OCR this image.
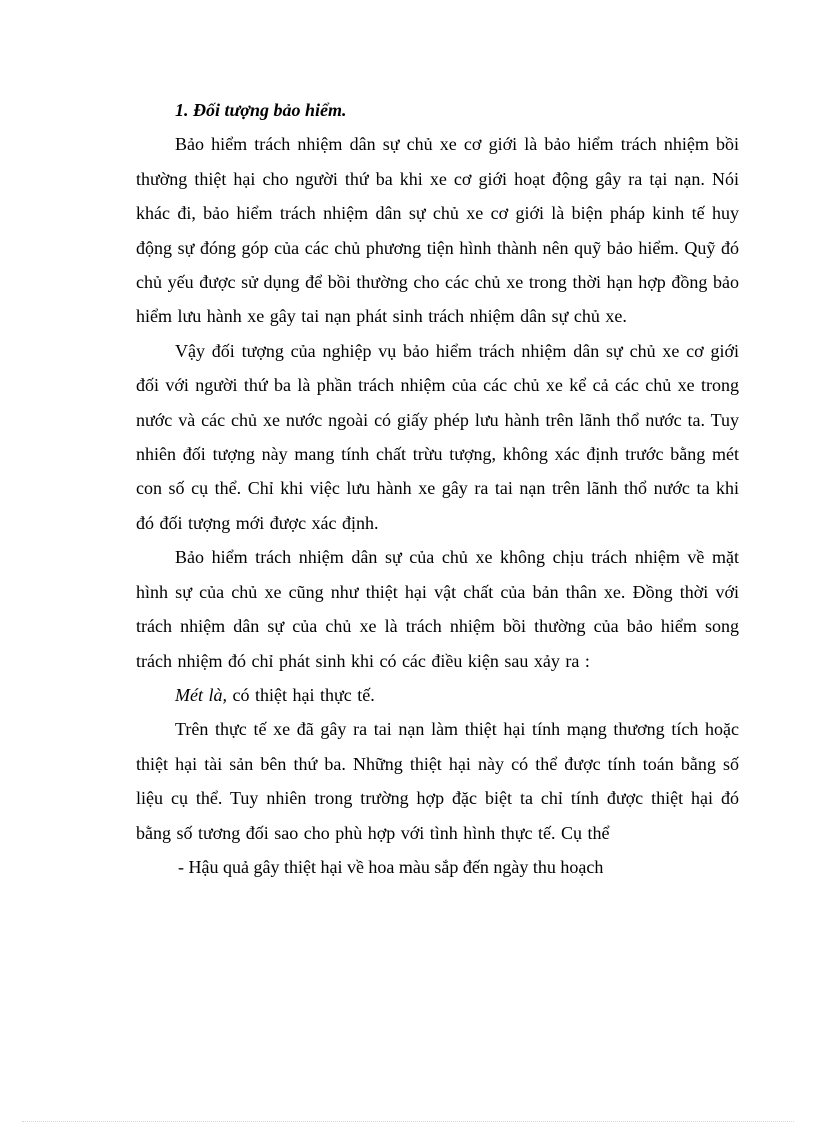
1. Đối tượng bảo hiểm.

Bảo hiểm trách nhiệm dân sự chủ xe cơ giới là bảo hiểm trách nhiệm bồi thường thiệt hại cho người thứ ba khi xe cơ giới hoạt động gây ra tại nạn. Nói khác đi, bảo hiểm trách nhiệm dân sự chủ xe cơ giới là biện pháp kinh tế huy động sự đóng góp của các chủ phương tiện hình thành nên quỹ bảo hiểm. Quỹ đó chủ yếu được sử dụng để bồi thường cho các chủ xe trong thời hạn hợp đồng bảo hiểm lưu hành xe gây tai nạn phát sinh trách nhiệm dân sự chủ xe.

Vậy đối tượng của nghiệp vụ bảo hiểm trách nhiệm dân sự chủ xe cơ giới đối với người thứ ba là phần trách nhiệm của các chủ xe kể cả các chủ xe trong nước và các chủ xe nước ngoài có giấy phép lưu hành trên lãnh thổ nước ta. Tuy nhiên đối tượng này mang tính chất trừu tượng, không xác định trước bằng mét con số cụ thể. Chỉ khi việc lưu hành xe gây ra tai nạn trên lãnh thổ nước ta khi đó đối tượng mới được xác định.

Bảo hiểm trách nhiệm dân sự của chủ xe không chịu trách nhiệm về mặt hình sự của chủ xe cũng như thiệt hại vật chất của bản thân xe. Đồng thời với trách nhiệm dân sự của chủ xe là trách nhiệm bồi thường của bảo hiểm song trách nhiệm đó chỉ phát sinh khi có các điều kiện sau xảy ra :

Mét là, có thiệt hại thực tế.

Trên thực tế xe đã gây ra tai nạn làm thiệt hại tính mạng thương tích hoặc thiệt hại tài sản bên thứ ba. Những thiệt hại này có thể được tính toán bằng số liệu cụ thể. Tuy nhiên trong trường hợp đặc biệt ta chỉ tính được thiệt hại đó bằng số tương đối sao cho phù hợp với tình hình thực tế. Cụ thể

- Hậu quả gây thiệt hại về hoa màu sắp đến ngày thu hoạch
